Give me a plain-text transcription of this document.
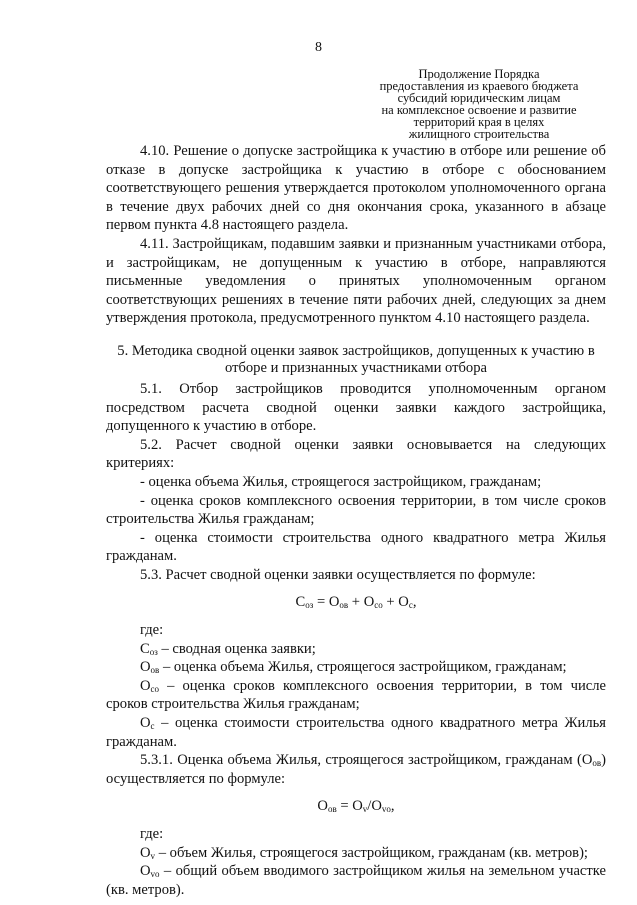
8
Продолжение Порядка
предоставления из краевого бюджета
субсидий юридическим лицам
на комплексное освоение и развитие
территорий края в целях
жилищного строительства

4.10. Решение о допуске застройщика к участию в отборе или решение об отказе в допуске застройщика к участию в отборе с обоснованием соответствующего решения утверждается протоколом уполномоченного органа в течение двух рабочих дней со дня окончания срока, указанного в абзаце первом пункта 4.8 настоящего раздела.

4.11. Застройщикам, подавшим заявки и признанным участниками отбора, и застройщикам, не допущенным к участию в отборе, направляются письменные уведомления о принятых уполномоченным органом соответствующих решениях в течение пяти рабочих дней, следующих за днем утверждения протокола, предусмотренного пунктом 4.10 настоящего раздела.

5. Методика сводной оценки заявок застройщиков, допущенных к участию в отборе и признанных участниками отбора

5.1. Отбор застройщиков проводится уполномоченным органом посредством расчета сводной оценки заявки каждого застройщика, допущенного к участию в отборе.

5.2. Расчет сводной оценки заявки основывается на следующих критериях:

- оценка объема Жилья, строящегося застройщиком, гражданам;

- оценка сроков комплексного освоения территории, в том числе сроков строительства Жилья гражданам;

- оценка стоимости строительства одного квадратного метра Жилья гражданам.

5.3. Расчет сводной оценки заявки осуществляется по формуле:

$С_{оз} = О_{ов} + О_{со} + О_с$,

где:

$С_{оз}$ – сводная оценка заявки;

$О_{ов}$ – оценка объема Жилья, строящегося застройщиком, гражданам;

$О_{со}$ – оценка сроков комплексного освоения территории, в том числе сроков строительства Жилья гражданам;

$О_с$ – оценка стоимости строительства одного квадратного метра Жилья гражданам.

5.3.1. Оценка объема Жилья, строящегося застройщиком, гражданам $(О_{ов})$ осуществляется по формуле:

$О_{ов} = О_v/О_{vo}$,

где:

$О_v$ – объем Жилья, строящегося застройщиком, гражданам (кв. метров);

$О_{vo}$ – общий объем вводимого застройщиком жилья на земельном участке (кв. метров).
